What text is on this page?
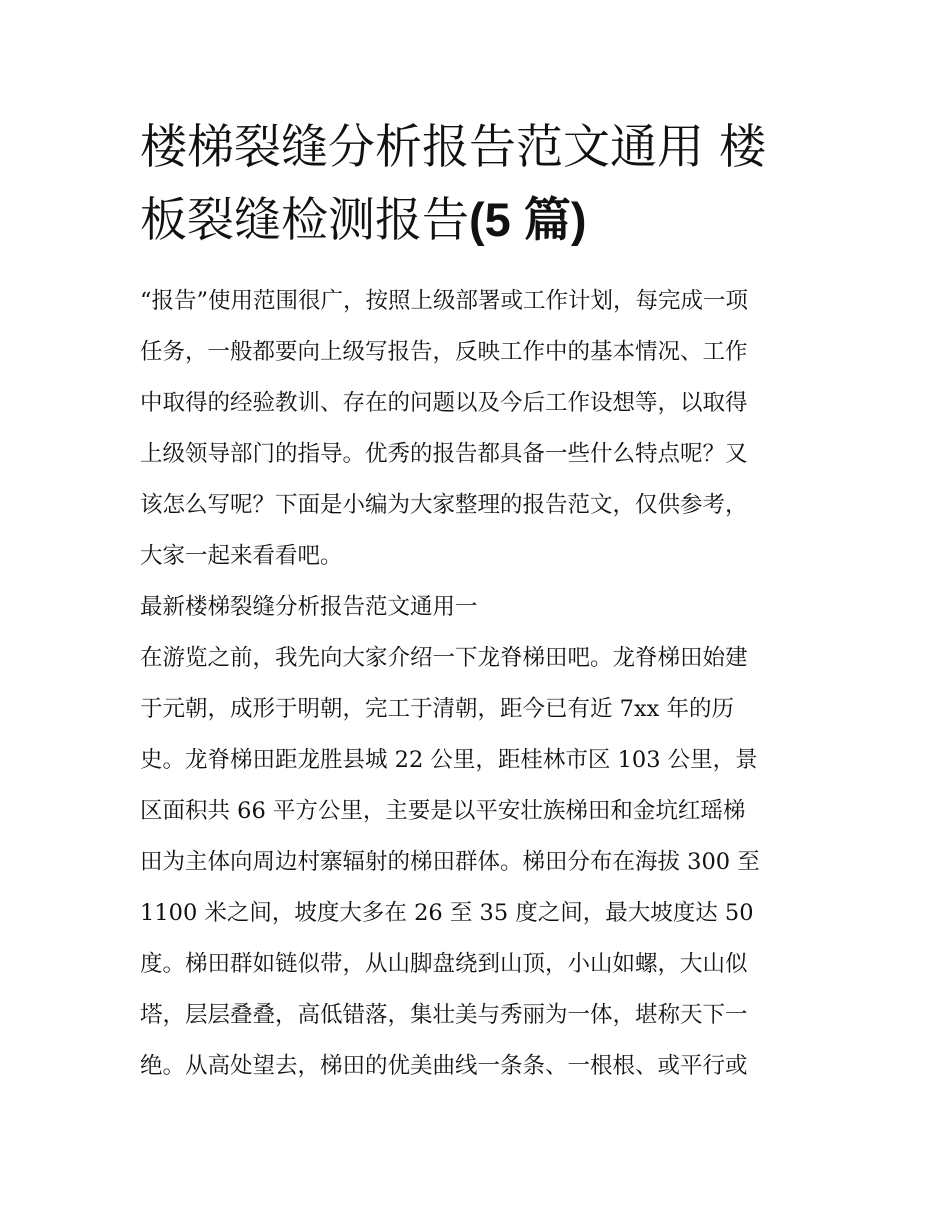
楼梯裂缝分析报告范文通用 楼
板裂缝检测报告(5 篇)
“报告”使用范围很广，按照上级部署或工作计划，每完成一项
任务，一般都要向上级写报告，反映工作中的基本情况、工作
中取得的经验教训、存在的问题以及今后工作设想等，以取得
上级领导部门的指导。优秀的报告都具备一些什么特点呢？又
该怎么写呢？下面是小编为大家整理的报告范文，仅供参考，
大家一起来看看吧。
最新楼梯裂缝分析报告范文通用一
在游览之前，我先向大家介绍一下龙脊梯田吧。龙脊梯田始建
于元朝，成形于明朝，完工于清朝，距今已有近 7xx 年的历
史。龙脊梯田距龙胜县城 22 公里，距桂林市区 103 公里，景
区面积共 66 平方公里，主要是以平安壮族梯田和金坑红瑶梯
田为主体向周边村寨辐射的梯田群体。梯田分布在海拔 300 至
1100 米之间，坡度大多在 26 至 35 度之间，最大坡度达 50
度。梯田群如链似带，从山脚盘绕到山顶，小山如螺，大山似
塔，层层叠叠，高低错落，集壮美与秀丽为一体，堪称天下一
绝。从高处望去，梯田的优美曲线一条条、一根根、或平行或
